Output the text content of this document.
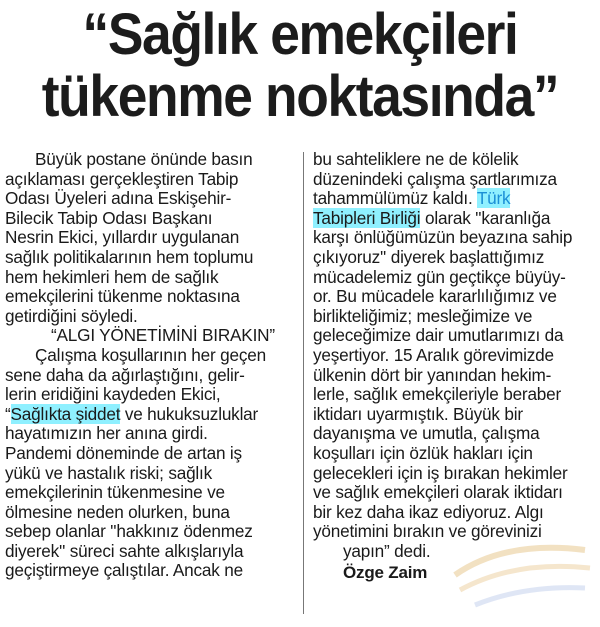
“Sağlık emekçileri
tükenme noktasında”
Büyük postane önünde basın
açıklaması gerçekleştiren Tabip
Odası Üyeleri adına Eskişehir-
Bilecik Tabip Odası Başkanı
Nesrin Ekici, yıllardır uygulanan
sağlık politikalarının hem toplumu
hem hekimleri hem de sağlık
emekçilerini tükenme noktasına
getirdiğini söyledi.
“ALGI YÖNETİMİNİ BIRAKIN”
Çalışma koşullarının her geçen
sene daha da ağırlaştığını, gelir-
lerin eridiğini kaydeden Ekici,
“Sağlıkta şiddet ve hukuksuzluklar
hayatımızın her anına girdi.
Pandemi döneminde de artan iş
yükü ve hastalık riski; sağlık
emekçilerinin tükenmesine ve
ölmesine neden olurken, buna
sebep olanlar ''hakkınız ödenmez
diyerek'' süreci sahte alkışlarıyla
geçiştirmeye çalıştılar. Ancak ne
bu sahteliklere ne de kölelik
düzenindeki çalışma şartlarımıza
tahammülümüz kaldı. Türk
Tabipleri Birliği olarak ''karanlığa
karşı önlüğümüzün beyazına sahip
çıkıyoruz'' diyerek başlattığımız
mücadelemiz gün geçtikçe büyüy-
or. Bu mücadele kararlılığımız ve
birlikteliğimiz; mesleğimize ve
geleceğimize dair umutlarımızı da
yeşertiyor. 15 Aralık görevimizde
ülkenin dört bir yanından hekim-
lerle, sağlık emekçileriyle beraber
iktidarı uyarmıştık. Büyük bir
dayanışma ve umutla, çalışma
koşulları için özlük hakları için
gelecekleri için iş bırakan hekimler
ve sağlık emekçileri olarak iktidarı
bir kez daha ikaz ediyoruz. Algı
yönetimini bırakın ve görevinizi
yapın” dedi.
Özge Zaim
